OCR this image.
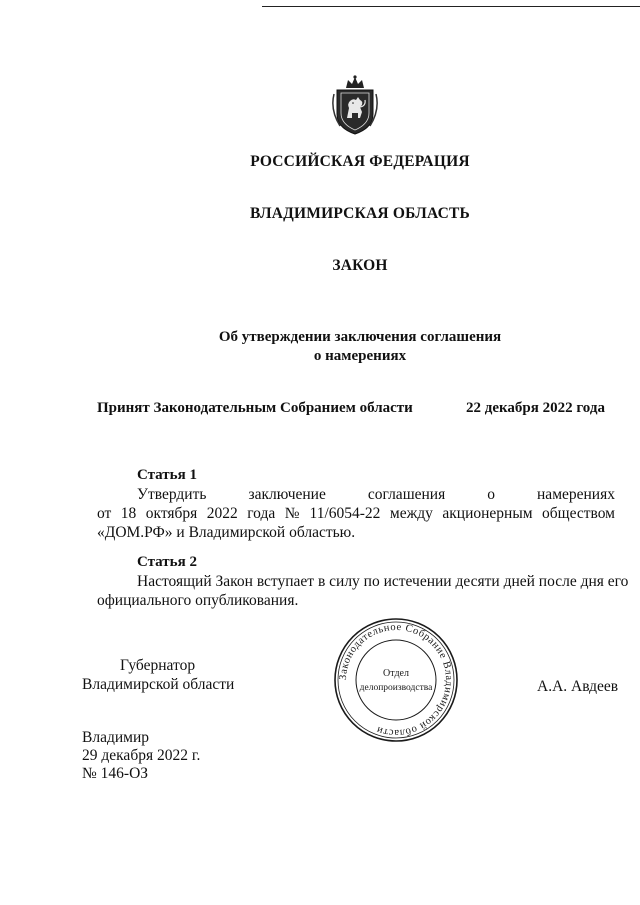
РОССИЙСКАЯ ФЕДЕРАЦИЯ
ВЛАДИМИРСКАЯ ОБЛАСТЬ
ЗАКОН
Об утверждении заключения соглашения
о намерениях
Принят Законодательным Собранием области	22 декабря 2022 года
Статья 1
Утвердить	заключение	соглашения	о	намерениях
от 18 октября 2022 года № 11/6054-22 между акционерным обществом
«ДОМ.РФ» и Владимирской областью.
Статья 2
Настоящий Закон вступает в силу по истечении десяти дней после дня его
официального опубликования.
Губернатор
Владимирской области	А.А. Авдеев
Законодательное Собрание Владимирской области
Отдел
делопроизводства
Владимир
29 декабря 2022 г.
№ 146-ОЗ
